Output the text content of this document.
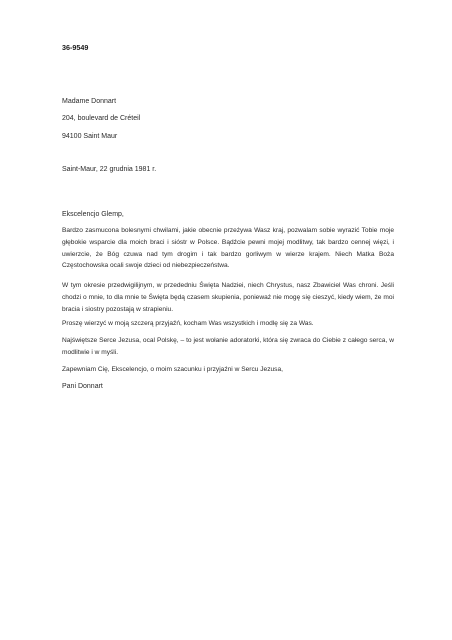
36-9549
Madame Donnart
204, boulevard de Créteil
94100 Saint Maur
Saint-Maur, 22 grudnia 1981 r.
Ekscelencjo Glemp,

Bardzo zasmucona bolesnymi chwilami, jakie obecnie przeżywa Wasz kraj, pozwalam sobie wyrazić Tobie moje głębokie wsparcie dla moich braci i sióstr w Polsce. Bądźcie pewni mojej modlitwy, tak bardzo cennej więzi, i uwierzcie, że Bóg czuwa nad tym drogim i tak bardzo gorliwym w wierze krajem. Niech Matka Boża Częstochowska ocali swoje dzieci od niebezpieczeństwa.

W tym okresie przedwigilijnym, w przededniu Święta Nadziei, niech Chrystus, nasz Zbawiciel Was chroni. Jeśli chodzi o mnie, to dla mnie te Święta będą czasem skupienia, ponieważ nie mogę się cieszyć, kiedy wiem, że moi bracia i siostry pozostają w strapieniu.

Proszę wierzyć w moją szczerą przyjaźń, kocham Was wszystkich i modlę się za Was.

Najświętsze Serce Jezusa, ocal Polskę, – to jest wołanie adoratorki, która się zwraca do Ciebie z całego serca, w modlitwie i w myśli.

Zapewniam Cię, Ekscelencjo, o moim szacunku i przyjaźni w Sercu Jezusa,

Pani Donnart
